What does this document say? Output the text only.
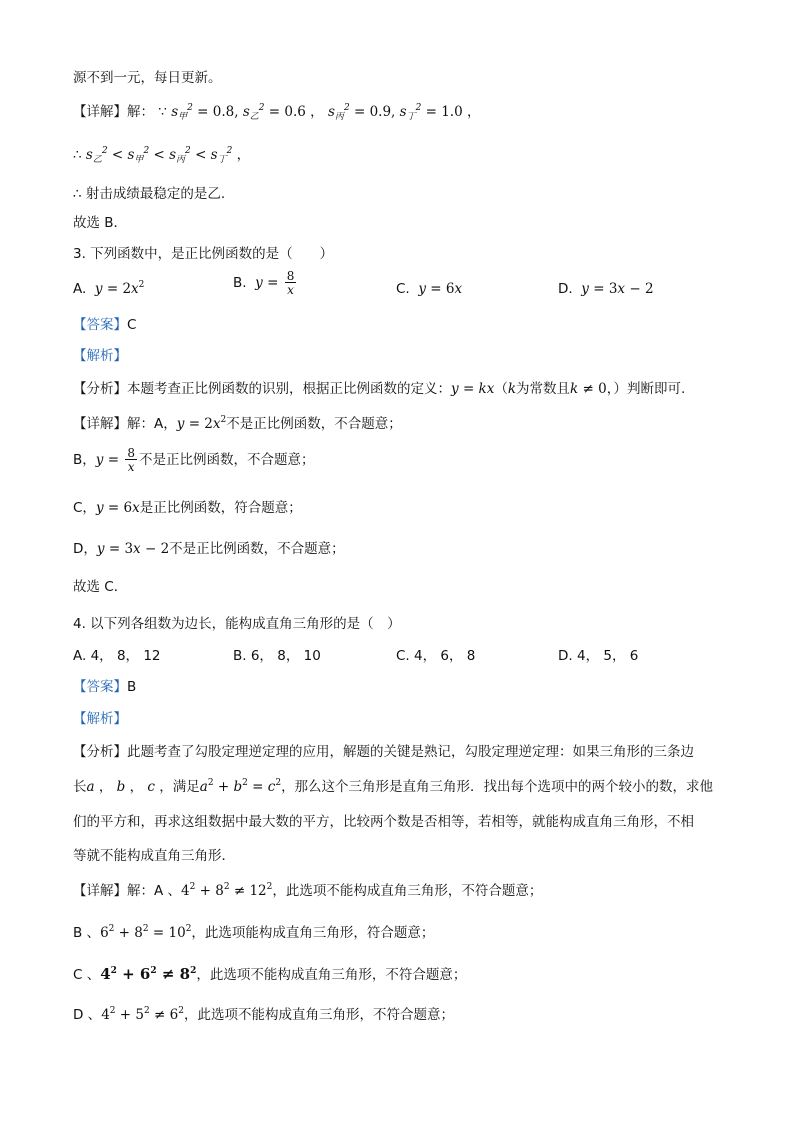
源不到一元，每日更新。
【详解】解： ∵ $s_甲^2 = 0.8$, $s_乙^2 = 0.6$ ， $s_丙^2 = 0.9$, $s_丁^2 = 1.0$ ，
∴ $s_乙^2 < s_甲^2 < s_丙^2 < s_丁^2$ ，
∴ 射击成绩最稳定的是乙.
故选 B．
3. 下列函数中，是正比例函数的是（　　）
A. $y = 2x^2$	B. $y = \frac{8}{x}$	C. y = 6x	D. y = 3x − 2
【答案】C
【解析】
【分析】本题考查正比例函数的识别，根据正比例函数的定义：y = kx（k为常数且k ≠ 0，）判断即可.
【详解】解：A，$y = 2x^2$不是正比例函数，不合题意；
B，$y = \frac{8}{x}$ 不是正比例函数，不合题意；
C，y = 6x是正比例函数，符合题意；
D，y = 3x − 2不是正比例函数，不合题意；
故选 C．
4. 以下列各组数为边长，能构成直角三角形的是（　）
A. 4， 8， 12	B. 6， 8， 10	C. 4， 6， 8	D. 4， 5， 6
【答案】B
【解析】
【分析】此题考查了勾股定理逆定理的应用，解题的关键是熟记，勾股定理逆定理：如果三角形的三条边
长a ， b ， c ，满足$a^2 + b^2 = c^2$，那么这个三角形是直角三角形．找出每个选项中的两个较小的数，求他
们的平方和，再求这组数据中最大数的平方，比较两个数是否相等，若相等，就能构成直角三角形，不相
等就不能构成直角三角形．
【详解】解：A 、$4^2 + 8^2 \ne 12^2$，此选项不能构成直角三角形，不符合题意；
B 、$6^2 + 8^2 = 10^2$，此选项能构成直角三角形，符合题意；
C 、$4^2 + 6^2 \ne 8^2$，此选项不能构成直角三角形，不符合题意；
D 、$4^2 + 5^2 \ne 6^2$，此选项不能构成直角三角形，不符合题意；
